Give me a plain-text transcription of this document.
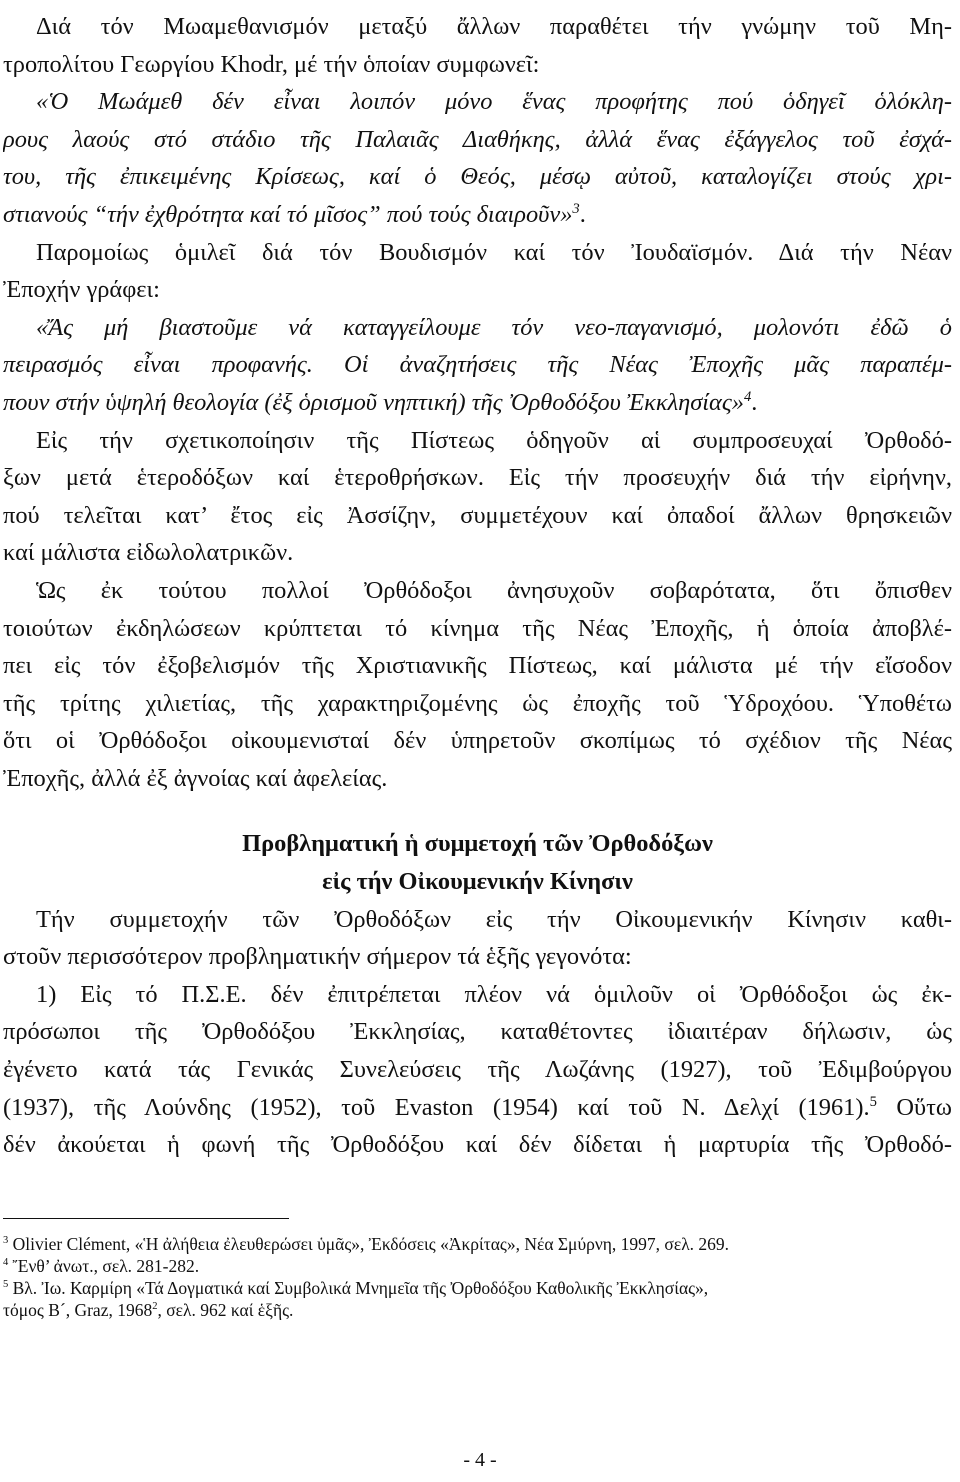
Διά τόν Μωαμεθανισμόν μεταξύ ἄλλων παραθέτει τήν γνώμην τοῦ Μη-
τροπολίτου Γεωργίου Khodr, μέ τήν ὁποίαν συμφωνεῖ:
«Ὁ Μωάμεθ δέν εἶναι λοιπόν μόνο ἕνας προφήτης πού ὁδηγεῖ ὁλόκλη-
ρους λαούς στό στάδιο τῆς Παλαιᾶς Διαθήκης, ἀλλά ἕνας ἐξάγγελος τοῦ ἐσχά-
του, τῆς ἐπικειμένης Κρίσεως, καί ὁ Θεός, μέσῳ αὐτοῦ, καταλογίζει στούς χρι-
στιανούς “τήν ἐχθρότητα καί τό μῖσος” πού τούς διαιροῦν»$^3$.
Παρομοίως ὁμιλεῖ διά τόν Βουδισμόν καί τόν Ἰουδαϊσμόν. Διά τήν Νέαν
Ἐποχήν γράφει:
«Ἄς μή βιαστοῦμε νά καταγγείλουμε τόν νεο-παγανισμό, μολονότι ἐδῶ ὁ
πειρασμός εἶναι προφανής. Οἱ ἀναζητήσεις τῆς Νέας Ἐποχῆς μᾶς παραπέμ-
πουν στήν ὑψηλή θεολογία (ἐξ ὁρισμοῦ νηπτική) τῆς Ὀρθοδόξου Ἐκκλησίας»$^4$.
Εἰς τήν σχετικοποίησιν τῆς Πίστεως ὁδηγοῦν αἱ συμπροσευχαί Ὀρθοδό-
ξων μετά ἑτεροδόξων καί ἑτεροθρήσκων. Εἰς τήν προσευχήν διά τήν εἰρήνην,
πού τελεῖται κατ’ ἔτος εἰς Ἀσσίζην, συμμετέχουν καί ὀπαδοί ἄλλων θρησκειῶν
καί μάλιστα εἰδωλολατρικῶν.
Ὡς ἐκ τούτου πολλοί Ὀρθόδοξοι ἀνησυχοῦν σοβαρότατα, ὅτι ὄπισθεν
τοιούτων ἐκδηλώσεων κρύπτεται τό κίνημα τῆς Νέας Ἐποχῆς, ἡ ὁποία ἀποβλέ-
πει εἰς τόν ἐξοβελισμόν τῆς Χριστιανικῆς Πίστεως, καί μάλιστα μέ τήν εἴσοδον
τῆς τρίτης χιλιετίας, τῆς χαρακτηριζομένης ὡς ἐποχῆς τοῦ Ὑδροχόου. Ὑποθέτω
ὅτι οἱ Ὀρθόδοξοι οἰκουμενισταί δέν ὑπηρετοῦν σκοπίμως τό σχέδιον τῆς Νέας
Ἐποχῆς, ἀλλά ἐξ ἀγνοίας καί ἀφελείας.
Προβληματική ἡ συμμετοχή τῶν Ὀρθοδόξων
εἰς τήν Οἰκουμενικήν Κίνησιν
Τήν συμμετοχήν τῶν Ὀρθοδόξων εἰς τήν Οἰκουμενικήν Κίνησιν καθι-
στοῦν περισσότερον προβληματικήν σήμερον τά ἑξῆς γεγονότα:
1) Εἰς τό Π.Σ.Ε. δέν ἐπιτρέπεται πλέον νά ὁμιλοῦν οἱ Ὀρθόδοξοι ὡς ἐκ-
πρόσωποι τῆς Ὀρθοδόξου Ἐκκλησίας, καταθέτοντες ἰδιαιτέραν δήλωσιν, ὡς
ἐγένετο κατά τάς Γενικάς Συνελεύσεις τῆς Λωζάνης (1927), τοῦ Ἐδιμβούργου
(1937), τῆς Λούνδης (1952), τοῦ Evaston (1954) καί τοῦ Ν. Δελχί (1961).$^5$ Οὕτω
δέν ἀκούεται ἡ φωνή τῆς Ὀρθοδόξου καί δέν δίδεται ἡ μαρτυρία τῆς Ὀρθοδό-
$^3$ Olivier Clément, «Ἡ ἀλήθεια ἐλευθερώσει ὑμᾶς», Ἐκδόσεις «Ἀκρίτας», Νέα Σμύρνη, 1997, σελ. 269.
$^4$ Ἔνθ’ ἀνωτ., σελ. 281-282.
$^5$ Βλ. Ἰω. Καρμίρη «Τά Δογματικά καί Συμβολικά Μνημεῖα τῆς Ὀρθοδόξου Καθολικῆς Ἐκκλησίας»,
τόμος Β´, Graz, 1968$^2$, σελ. 962 καί ἑξῆς.
- 4 -
